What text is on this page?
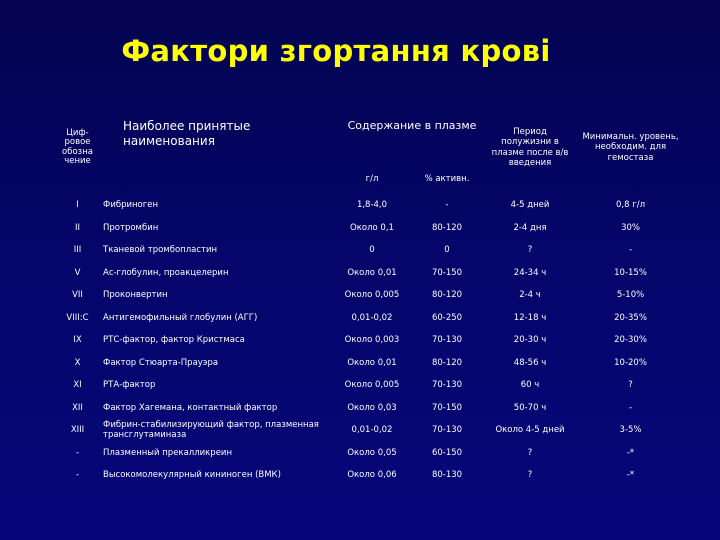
Фактори згортання крові
Циф-
ровое
обозна
чение	Наиболее принятые наименования	Содержание в плазме		Период полужизни в плазме после в/в введения	Минимальн. уровень, необходим. для гемостаза
		г/л	% активн.		
I	Фибриноген	1,8-4,0	-	4-5 дней	0,8 г/л
II	Протромбин	Около 0,1	80-120	2-4 дня	30%
III	Тканевой тромбопластин	0	0	?	-
V	Ас-глобулин, проакцелерин	Около 0,01	70-150	24-34 ч	10-15%
VII	Проконвертин	Около 0,005	80-120	2-4 ч	5-10%
VIII:C	Антигемофильный глобулин (АГГ)	0,01-0,02	60-250	12-18 ч	20-35%
IX	РТС-фактор, фактор Кристмаса	Около 0,003	70-130	20-30 ч	20-30%
X	Фактор Стюарта-Прауэра	Около 0,01	80-120	48-56 ч	10-20%
XI	РТА-фактор	Около 0,005	70-130	60 ч	?
XII	Фактор Хагемана, контактный фактор	Около 0,03	70-150	50-70 ч	-
XIII	Фибрин-стабилизирующий фактор, плазменная трансглутаминаза	0,01-0,02	70-130	Около 4-5 дней	3-5%
-	Плазменный прекалликреин	Около 0,05	60-150	?	-*
-	Высокомолекулярный кининоген (ВМК)	Около 0,06	80-130	?	-*
